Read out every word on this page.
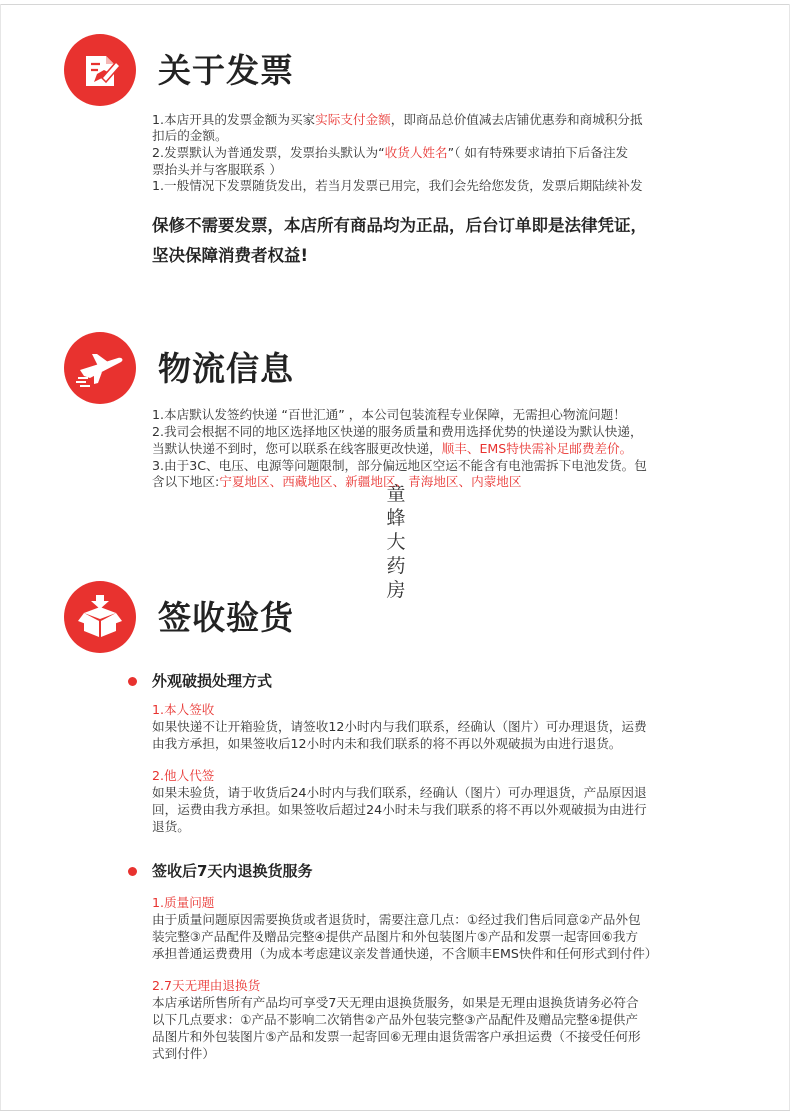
关于发票
1.本店开具的发票金额为买家实际支付金额，即商品总价值减去店铺优惠券和商城积分抵
扣后的金额。
2.发票默认为普通发票，发票抬头默认为“收货人姓名”（ 如有特殊要求请拍下后备注发
票抬头并与客服联系 ）
1.一般情况下发票随货发出，若当月发票已用完，我们会先给您发货，发票后期陆续补发
保修不需要发票，本店所有商品均为正品，后台订单即是法律凭证，
坚决保障消费者权益!
物流信息
1.本店默认发签约快递 “百世汇通” ，本公司包装流程专业保障，无需担心物流问题！
2.我司会根据不同的地区选择地区快递的服务质量和费用选择优势的快递设为默认快递，
当默认快递不到时，您可以联系在线客服更改快递，顺丰、EMS特快需补足邮费差价。
3.由于3C、电压、电源等问题限制，部分偏远地区空运不能含有电池需拆下电池发货。包
含以下地区:宁夏地区、西藏地区、新疆地区、青海地区、内蒙地区
童
蜂
大
药
房
签收验货
外观破损处理方式
1.本人签收
如果快递不让开箱验货，请签收12小时内与我们联系，经确认（图片）可办理退货，运费
由我方承担，如果签收后12小时内未和我们联系的将不再以外观破损为由进行退货。
2.他人代签
如果未验货，请于收货后24小时内与我们联系，经确认（图片）可办理退货，产品原因退
回，运费由我方承担。如果签收后超过24小时未与我们联系的将不再以外观破损为由进行
退货。
签收后7天内退换货服务
1.质量问题
由于质量问题原因需要换货或者退货时，需要注意几点：①经过我们售后同意②产品外包
装完整③产品配件及赠品完整④提供产品图片和外包装图片⑤产品和发票一起寄回⑥我方
承担普通运费费用（为成本考虑建议亲发普通快递，不含顺丰EMS快件和任何形式到付件）
2.7天无理由退换货
本店承诺所售所有产品均可享受7天无理由退换货服务，如果是无理由退换货请务必符合
以下几点要求：①产品不影响二次销售②产品外包装完整③产品配件及赠品完整④提供产
品图片和外包装图片⑤产品和发票一起寄回⑥无理由退货需客户承担运费（不接受任何形
式到付件）
